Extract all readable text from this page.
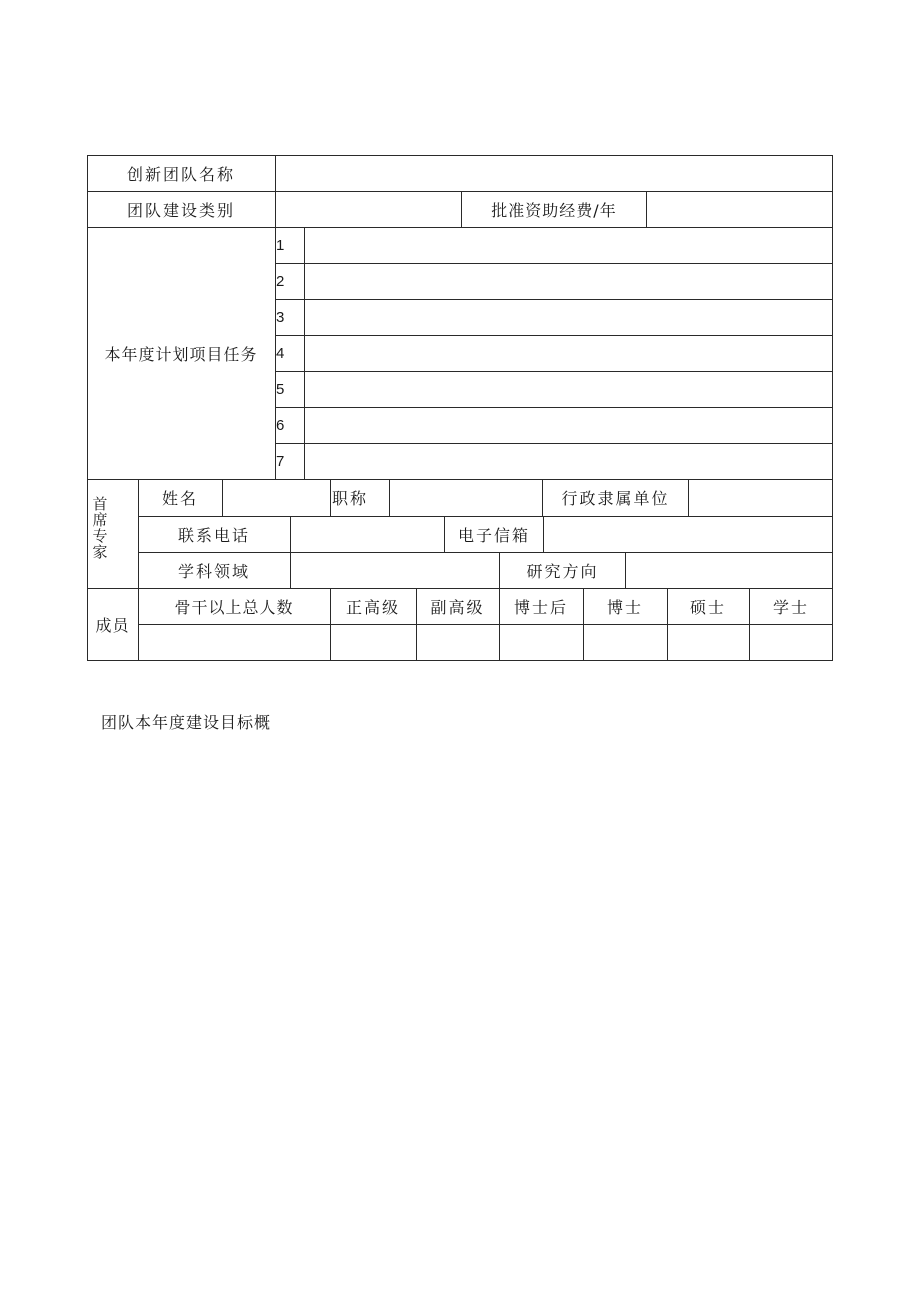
创新团队名称
团队建设类别	批准资助经费/年
本年度计划项目任务
1
2
3
4
5
6
7
首
席
专
家
姓名	职称	行政隶属单位
联系电话	电子信箱
学科领域	研究方向
成员
骨干以上总人数	正高级	副高级	博士后	博士	硕士	学士
团队本年度建设目标概
